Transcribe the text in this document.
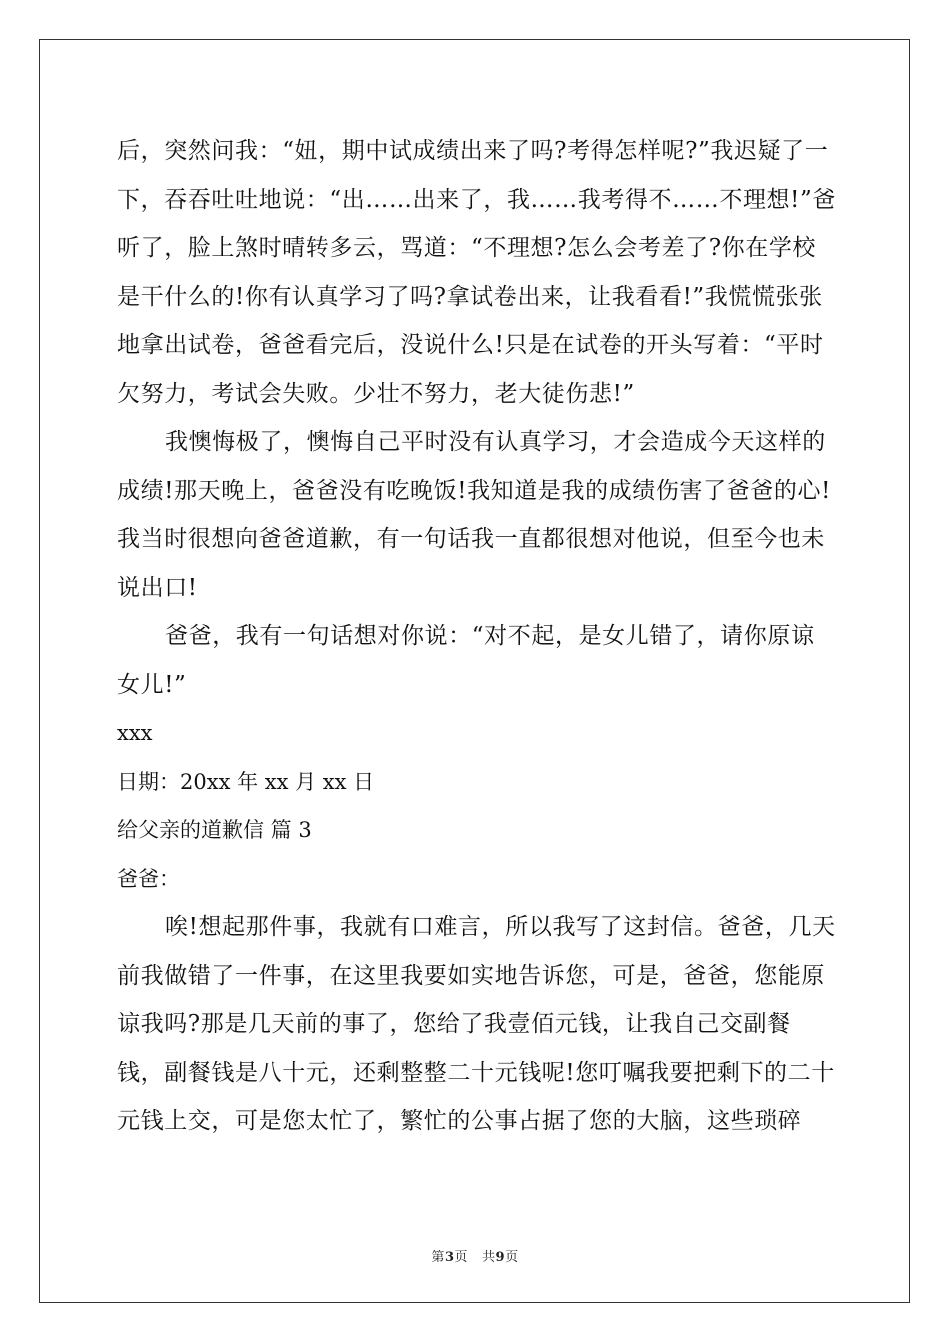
后，突然问我：“妞，期中试成绩出来了吗?考得怎样呢?”我迟疑了一下，吞吞吐吐地说：“出……出来了，我……我考得不……不理想!”爸听了，脸上煞时晴转多云，骂道：“不理想?怎么会考差了?你在学校是干什么的!你有认真学习了吗?拿试卷出来，让我看看!”我慌慌张张地拿出试卷，爸爸看完后，没说什么!只是在试卷的开头写着：“平时欠努力，考试会失败。少壮不努力，老大徒伤悲!”

我懊悔极了，懊悔自己平时没有认真学习，才会造成今天这样的成绩!那天晚上，爸爸没有吃晚饭!我知道是我的成绩伤害了爸爸的心!我当时很想向爸爸道歉，有一句话我一直都很想对他说，但至今也未说出口!

爸爸，我有一句话想对你说：“对不起，是女儿错了，请你原谅女儿!”

xxx

日期：20xx 年 xx 月 xx 日

给父亲的道歉信 篇 3

爸爸：

唉!想起那件事，我就有口难言，所以我写了这封信。爸爸，几天前我做错了一件事，在这里我要如实地告诉您，可是，爸爸，您能原谅我吗?那是几天前的事了，您给了我壹佰元钱，让我自己交副餐钱，副餐钱是八十元，还剩整整二十元钱呢!您叮嘱我要把剩下的二十元钱上交，可是您太忙了，繁忙的公事占据了您的大脑，这些琐碎

第3页 共9页
